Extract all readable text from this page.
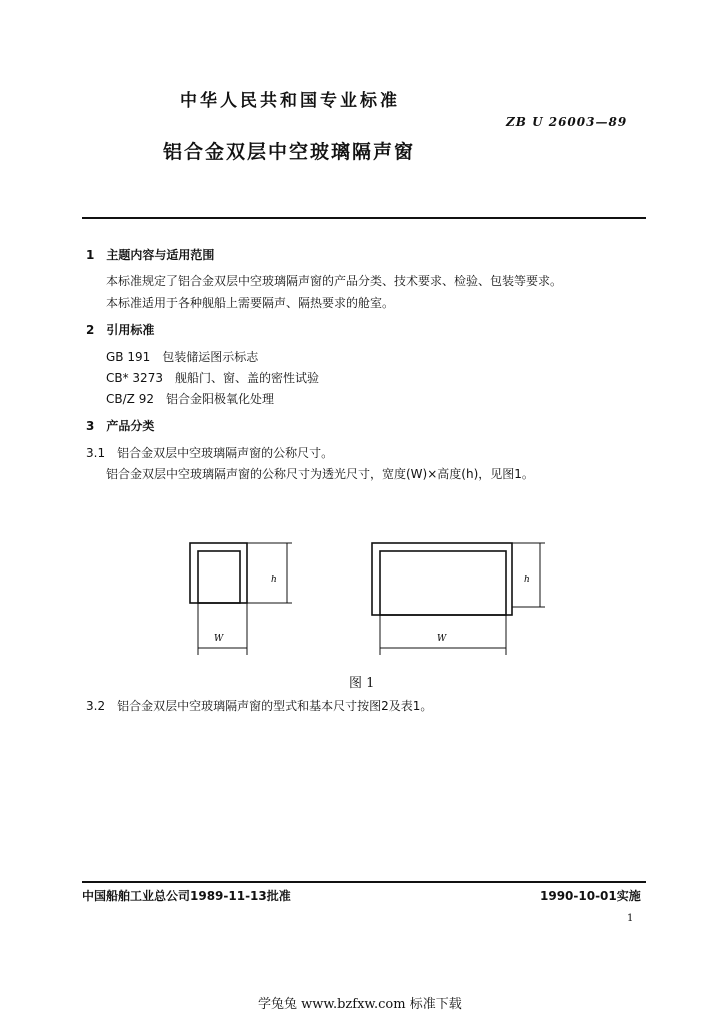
中华人民共和国专业标准
ZB U 26003—89
铝合金双层中空玻璃隔声窗
1　主题内容与适用范围
本标准规定了铝合金双层中空玻璃隔声窗的产品分类、技术要求、检验、包装等要求。
本标准适用于各种舰船上需要隔声、隔热要求的舱室。
2　引用标准
GB 191　包装储运图示标志
CB* 3273　舰船门、窗、盖的密性试验
CB/Z 92　铝合金阳极氧化处理
3　产品分类
3.1　铝合金双层中空玻璃隔声窗的公称尺寸。
铝合金双层中空玻璃隔声窗的公称尺寸为透光尺寸，宽度(W)×高度(h)，见图1。
h
W
h
W
图 1
3.2　铝合金双层中空玻璃隔声窗的型式和基本尺寸按图2及表1。
中国船舶工业总公司1989-11-13批准	1990-10-01实施
1
学兔兔 www.bzfxw.com 标准下载
